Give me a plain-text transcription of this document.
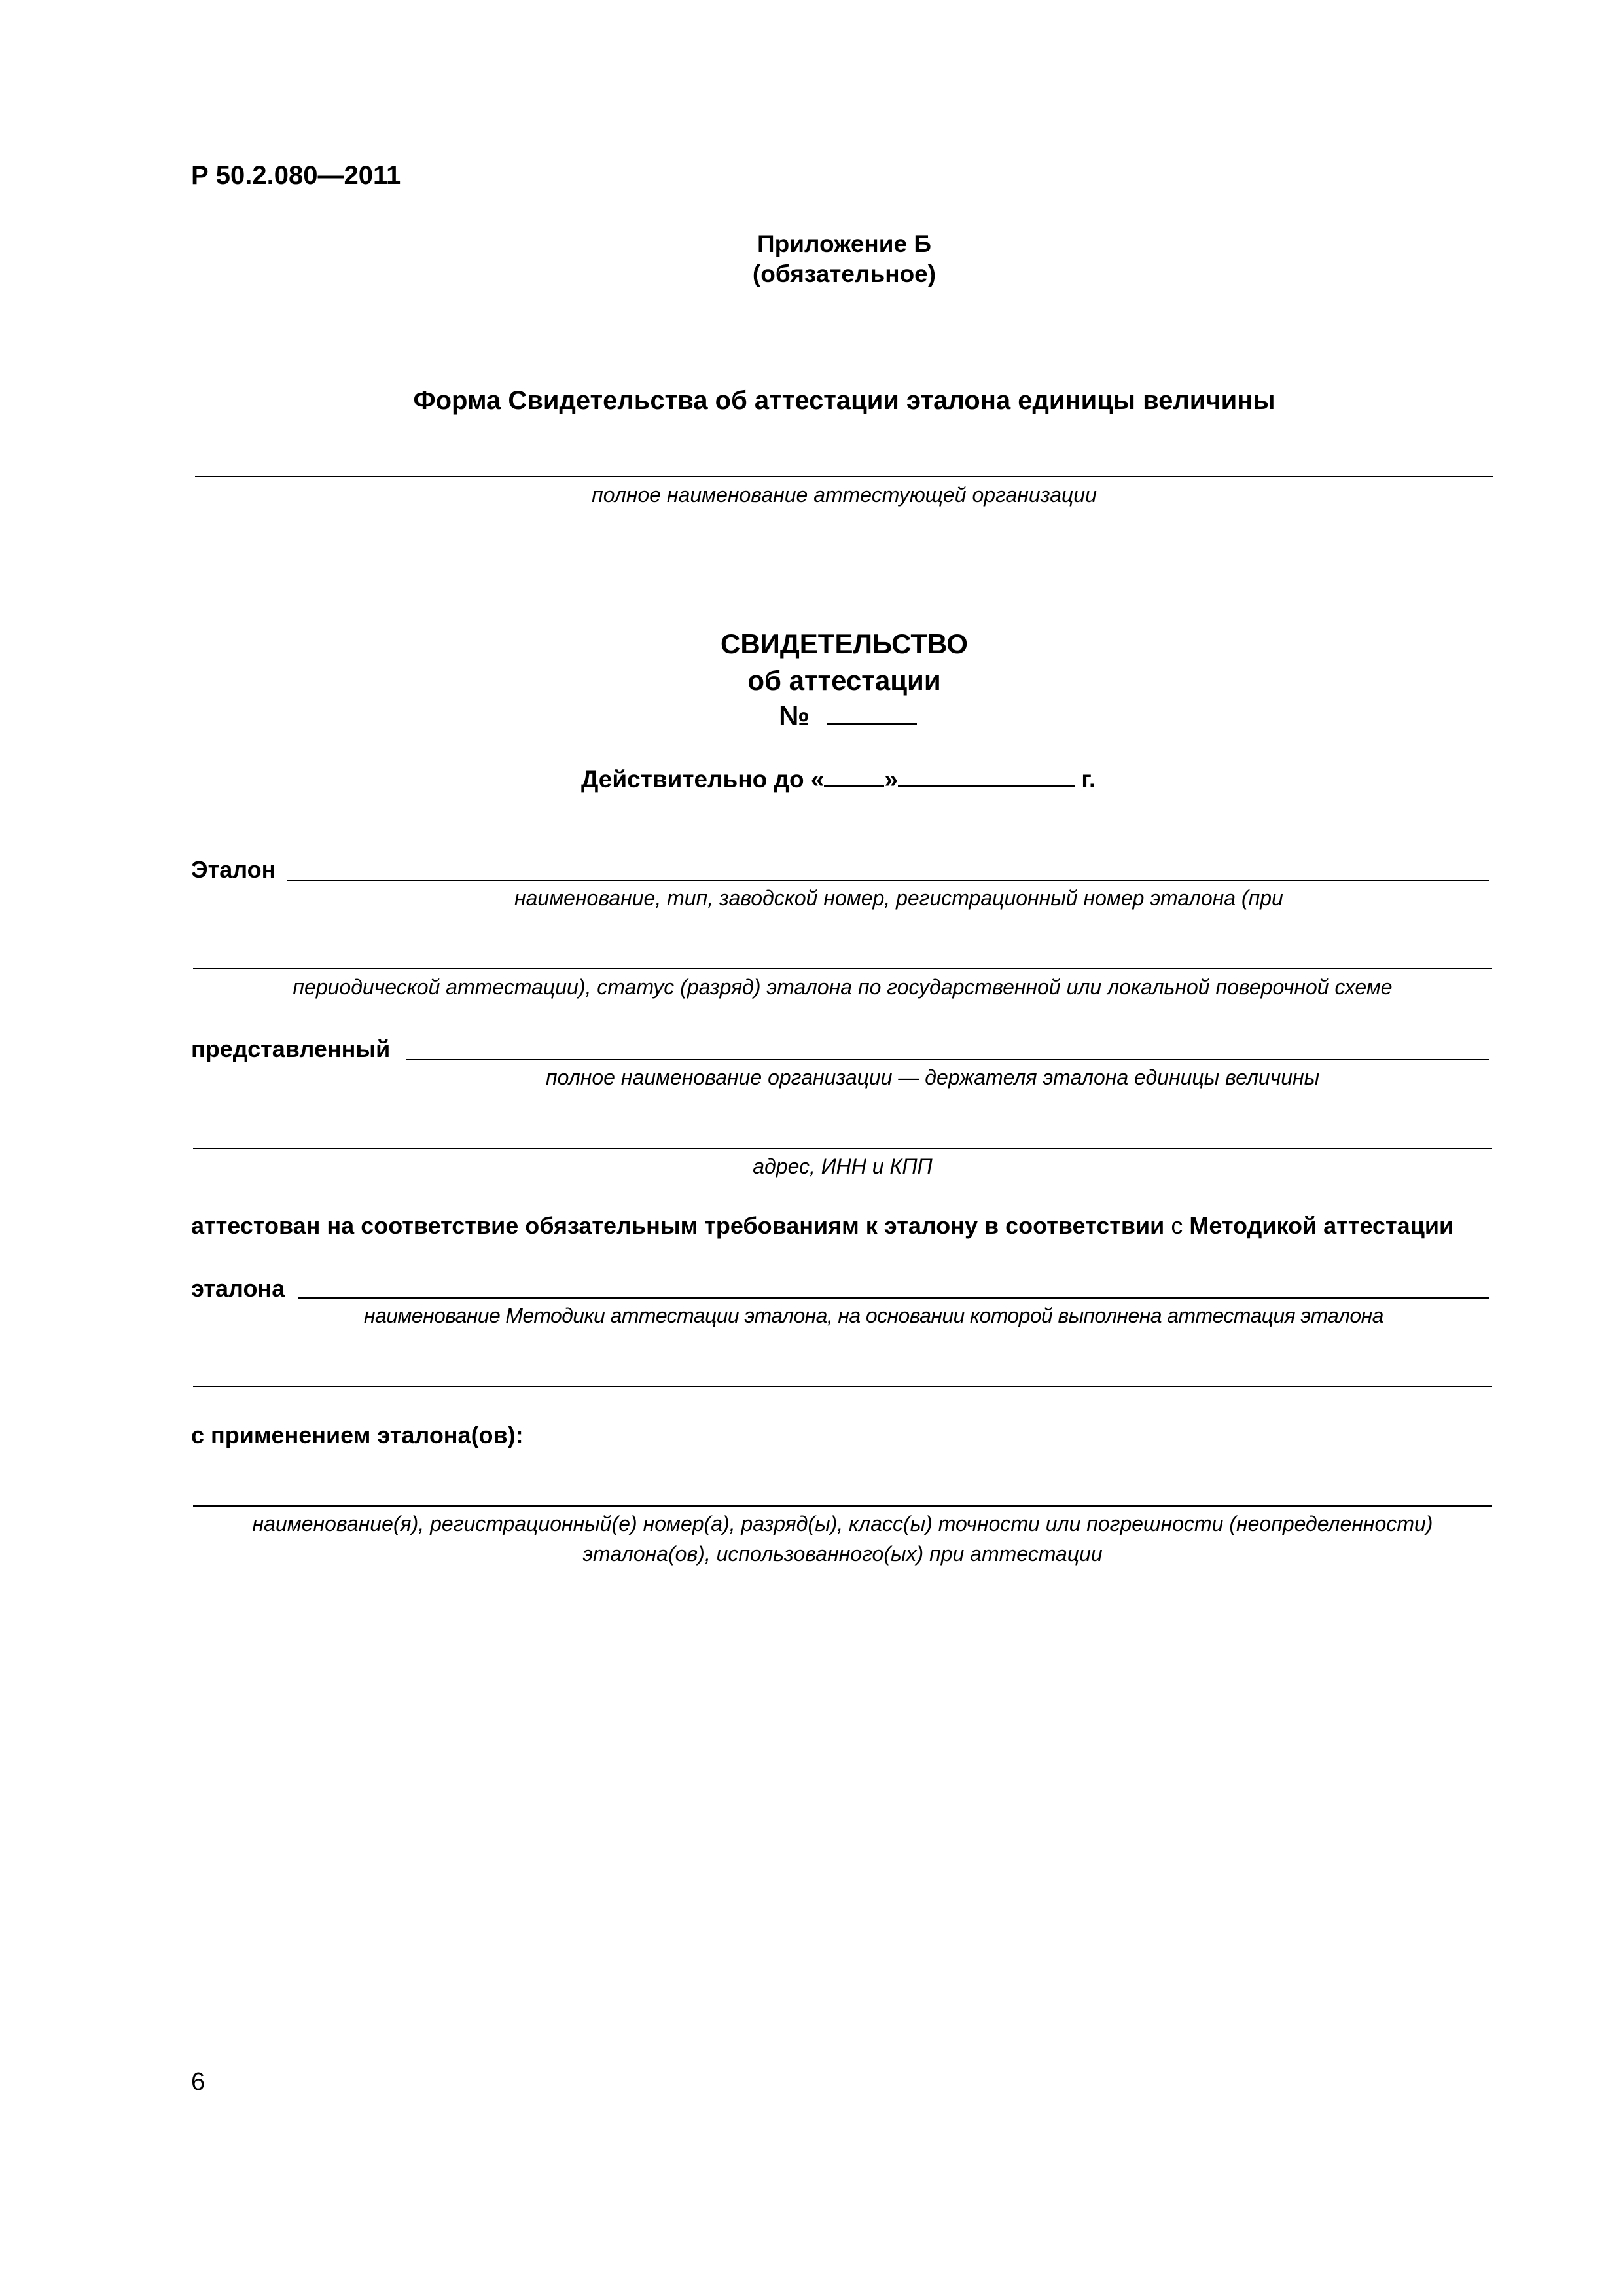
Р 50.2.080—2011
Приложение Б
(обязательное)
Форма Свидетельства об аттестации эталона единицы величины
полное наименование аттестующей организации
СВИДЕТЕЛЬСТВО
об аттестации
№
Действительно до « »	г.
Эталон
наименование, тип, заводской номер, регистрационный номер эталона (при
периодической аттестации), статус (разряд) эталона по государственной или локальной поверочной схеме
представленный
полное наименование организации — держателя эталона единицы величины
адрес, ИНН и КПП
аттестован на соответствие обязательным требованиям к эталону в соответствии с Методикой аттестации
эталона
наименование Методики аттестации эталона, на основании которой выполнена аттестация эталона
с применением эталона(ов):
наименование(я), регистрационный(е) номер(а), разряд(ы), класс(ы) точности или погрешности (неопределенности)
эталона(ов), использованного(ых) при аттестации
6
